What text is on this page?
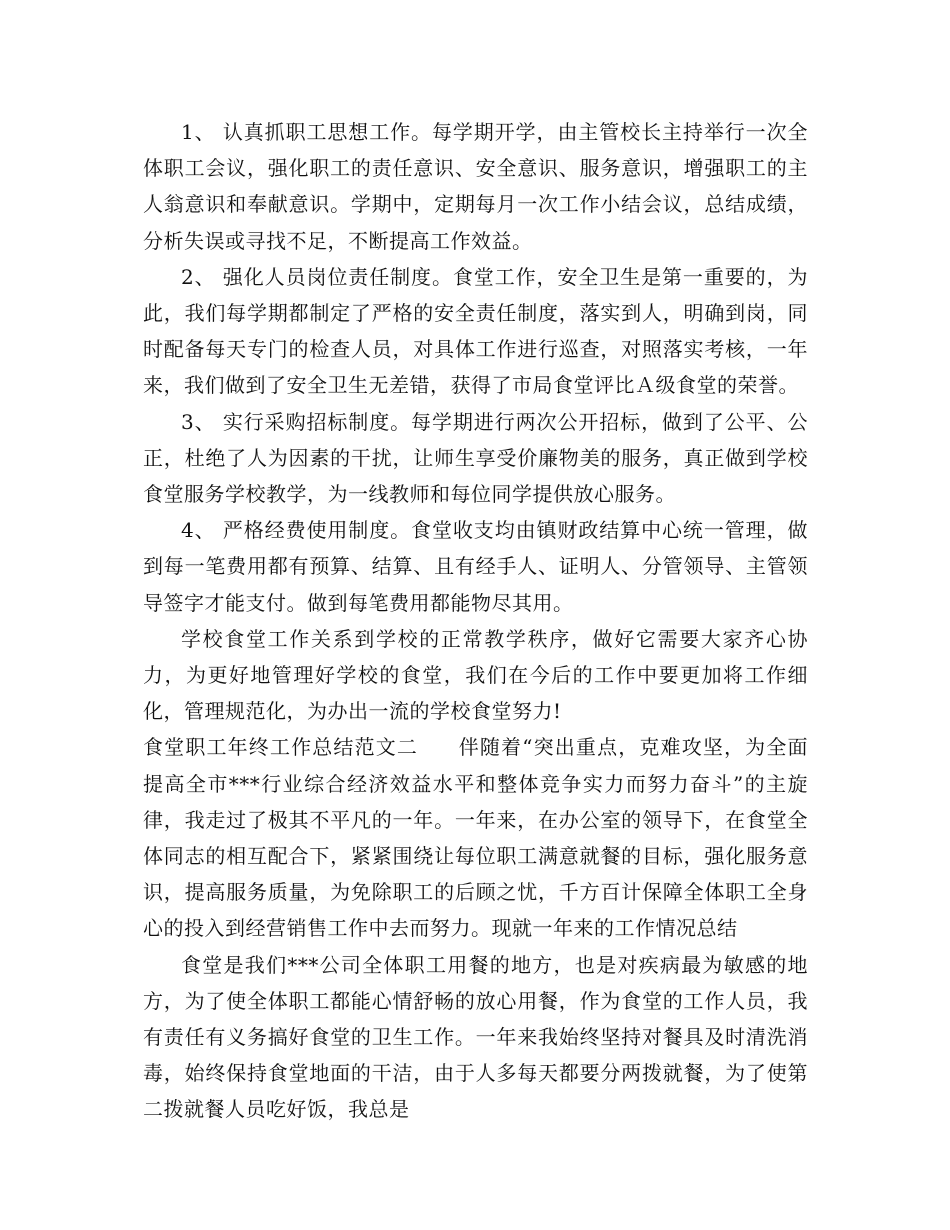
1、 认真抓职工思想工作。每学期开学，由主管校长主持举行一次全体职工会议，强化职工的责任意识、安全意识、服务意识，增强职工的主人翁意识和奉献意识。学期中，定期每月一次工作小结会议，总结成绩，分析失误或寻找不足，不断提高工作效益。

2、 强化人员岗位责任制度。食堂工作，安全卫生是第一重要的，为此，我们每学期都制定了严格的安全责任制度，落实到人，明确到岗，同时配备每天专门的检查人员，对具体工作进行巡查，对照落实考核，一年来，我们做到了安全卫生无差错，获得了市局食堂评比Ａ级食堂的荣誉。

3、 实行采购招标制度。每学期进行两次公开招标，做到了公平、公正，杜绝了人为因素的干扰，让师生享受价廉物美的服务，真正做到学校食堂服务学校教学，为一线教师和每位同学提供放心服务。

4、 严格经费使用制度。食堂收支均由镇财政结算中心统一管理，做到每一笔费用都有预算、结算、且有经手人、证明人、分管领导、主管领导签字才能支付。做到每笔费用都能物尽其用。

学校食堂工作关系到学校的正常教学秩序，做好它需要大家齐心协力，为更好地管理好学校的食堂，我们在今后的工作中要更加将工作细化，管理规范化，为办出一流的学校食堂努力!

食堂职工年终工作总结范文二 伴随着“突出重点，克难攻坚，为全面提高全市***行业综合经济效益水平和整体竞争实力而努力奋斗”的主旋律，我走过了极其不平凡的一年。一年来，在办公室的领导下，在食堂全体同志的相互配合下，紧紧围绕让每位职工满意就餐的目标，强化服务意识，提高服务质量，为免除职工的后顾之忧，千方百计保障全体职工全身心的投入到经营销售工作中去而努力。现就一年来的工作情况总结

食堂是我们***公司全体职工用餐的地方，也是对疾病最为敏感的地方，为了使全体职工都能心情舒畅的放心用餐，作为食堂的工作人员，我有责任有义务搞好食堂的卫生工作。一年来我始终坚持对餐具及时清洗消毒，始终保持食堂地面的干洁，由于人多每天都要分两拨就餐，为了使第二拨就餐人员吃好饭，我总是
